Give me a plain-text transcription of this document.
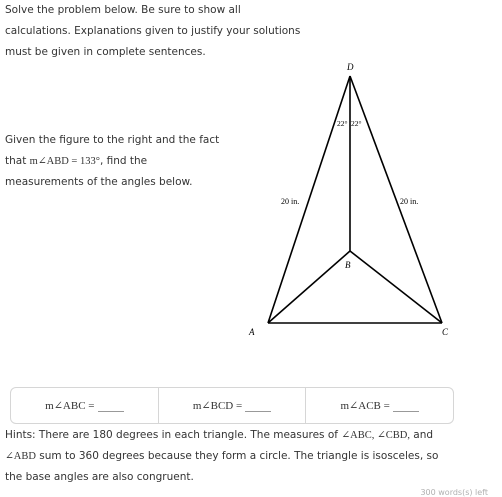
Solve the problem below. Be sure to show all calculations. Explanations given to justify your solutions must be given in complete sentences.

Given the figure to the right and the fact that m∠ABD = 133°, find the measurements of the angles below.

D
A
B
C
20 in.	20 in.
22° 22°
m∠ABC =	m∠BCD =	m∠ACB =

Hints: There are 180 degrees in each triangle. The measures of ∠ABC, ∠CBD, and ∠ABD sum to 360 degrees because they form a circle. The triangle is isosceles, so the base angles are also congruent.

300 words(s) left
